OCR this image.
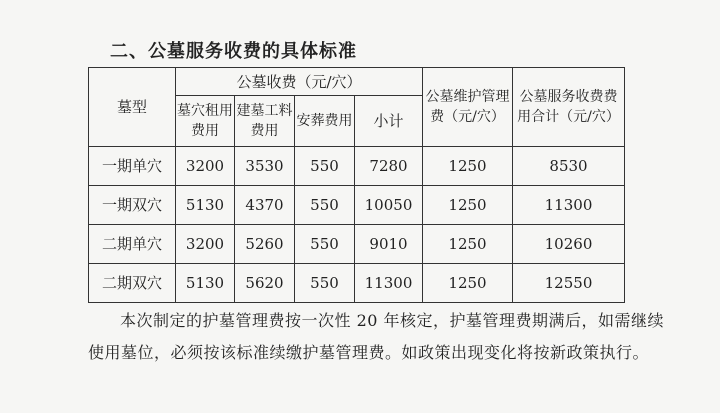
二、公墓服务收费的具体标准
墓型	公墓收费（元/穴）				公墓维护管理费（元/穴）	公墓服务收费费用合计（元/穴）
	墓穴租用费用	建墓工料费用	安葬费用	小计		
一期单穴	3200	3530	550	7280	1250	8530
一期双穴	5130	4370	550	10050	1250	11300
二期单穴	3200	5260	550	9010	1250	10260
二期双穴	5130	5620	550	11300	1250	12550
本次制定的护墓管理费按一次性 20 年核定，护墓管理费期满后，如需继续使用墓位，必须按该标准续缴护墓管理费。如政策出现变化将按新政策执行。
